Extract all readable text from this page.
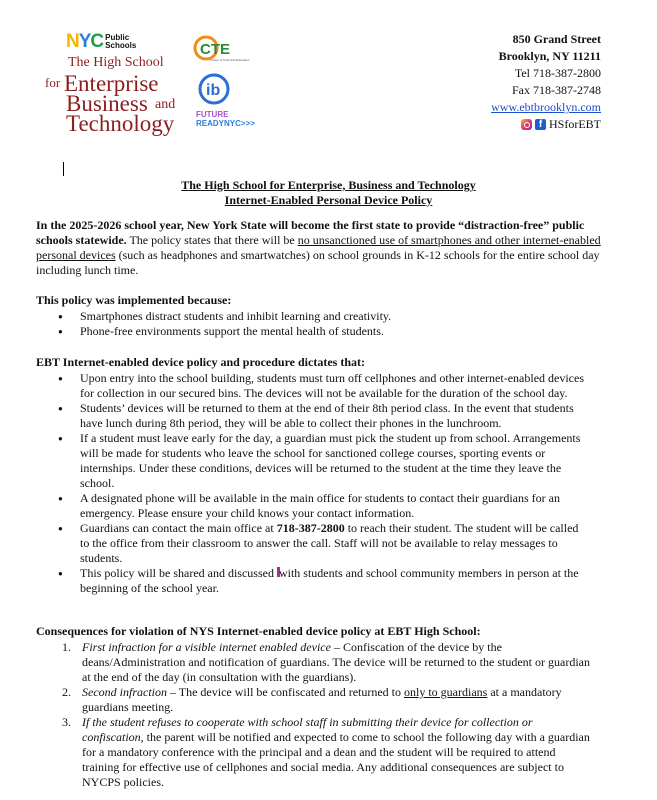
NYC Public
Schools
The High School
for Enterprise
Business and
Technology
CTE
Career & Technical Education
ib
FUTURE
READYNYC>>>
850 Grand Street
Brooklyn, NY 11211
Tel 718-387-2800
Fax 718-387-2748
www.ebtbrooklyn.com
f HSforEBT
The High School for Enterprise, Business and Technology
Internet-Enabled Personal Device Policy
In the 2025-2026 school year, New York State will become the first state to provide “distraction-free” public schools statewide. The policy states that there will be no unsanctioned use of smartphones and other internet-enabled personal devices (such as headphones and smartwatches) on school grounds in K-12 schools for the entire school day including lunch time.
This policy was implemented because:
● Smartphones distract students and inhibit learning and creativity.
● Phone-free environments support the mental health of students.
EBT Internet-enabled device policy and procedure dictates that:
● Upon entry into the school building, students must turn off cellphones and other internet-enabled devices for collection in our secured bins. The devices will not be available for the duration of the school day.
● Students’ devices will be returned to them at the end of their 8th period class. In the event that students have lunch during 8th period, they will be able to collect their phones in the lunchroom.
● If a student must leave early for the day, a guardian must pick the student up from school. Arrangements will be made for students who leave the school for sanctioned college courses, sporting events or internships. Under these conditions, devices will be returned to the student at the time they leave the school.
● A designated phone will be available in the main office for students to contact their guardians for an emergency. Please ensure your child knows your contact information.
● Guardians can contact the main office at 718-387-2800 to reach their student. The student will be called to the office from their classroom to answer the call. Staff will not be available to relay messages to students.
● This policy will be shared and discussed with students and school community members in person at the beginning of the school year.
Consequences for violation of NYS Internet-enabled device policy at EBT High School:
1. First infraction for a visible internet enabled device – Confiscation of the device by the deans/Administration and notification of guardians. The device will be returned to the student or guardian at the end of the day (in consultation with the guardians).
2. Second infraction – The device will be confiscated and returned to only to guardians at a mandatory guardians meeting.
3. If the student refuses to cooperate with school staff in submitting their device for collection or confiscation, the parent will be notified and expected to come to school the following day with a guardian for a mandatory conference with the principal and a dean and the student will be required to attend training for effective use of cellphones and social media. Any additional consequences are subject to NYCPS policies.
